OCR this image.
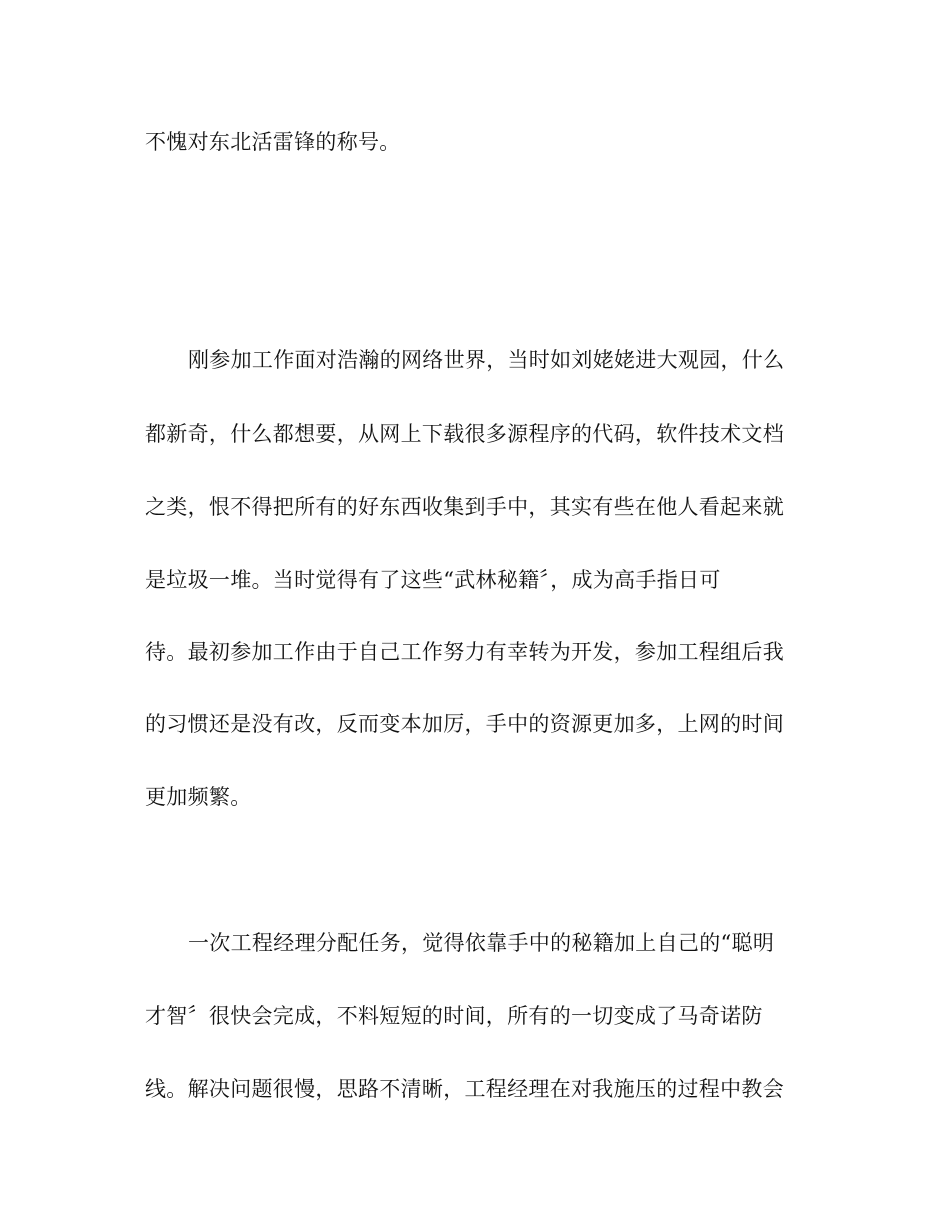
不愧对东北活雷锋的称号。
刚参加工作面对浩瀚的网络世界，当时如刘姥姥进大观园，什么
都新奇，什么都想要，从网上下载很多源程序的代码，软件技术文档
之类，恨不得把所有的好东西收集到手中，其实有些在他人看起来就
是垃圾一堆。当时觉得有了这些“武林秘籍〞，成为高手指日可
待。最初参加工作由于自己工作努力有幸转为开发，参加工程组后我
的习惯还是没有改，反而变本加厉，手中的资源更加多，上网的时间
更加频繁。
一次工程经理分配任务，觉得依靠手中的秘籍加上自己的“聪明
才智〞很快会完成，不料短短的时间，所有的一切变成了马奇诺防
线。解决问题很慢，思路不清晰，工程经理在对我施压的过程中教会
